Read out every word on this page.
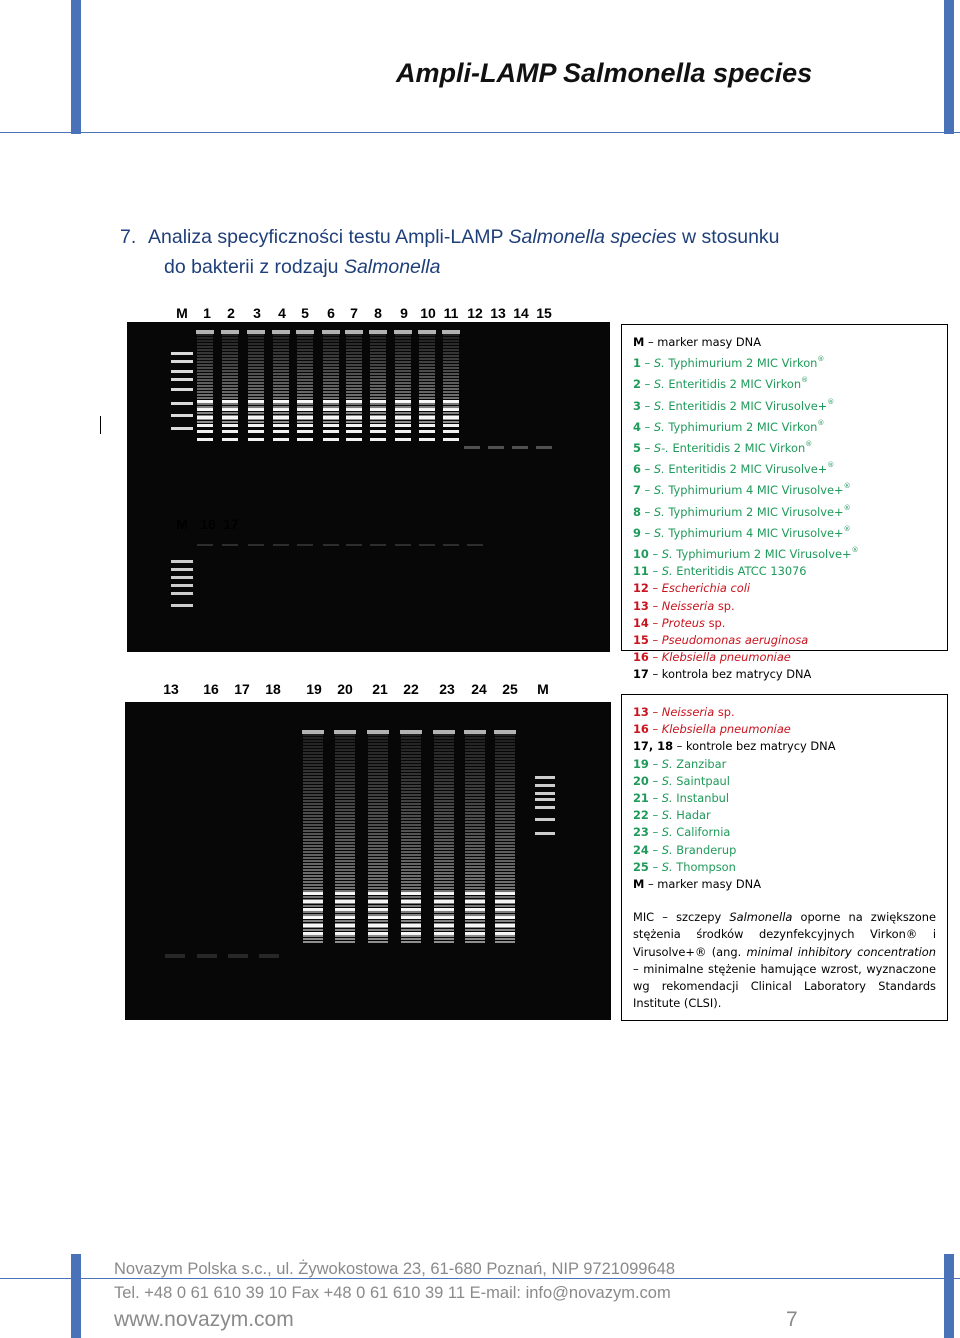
Ampli-LAMP Salmonella species
7. Analiza specyficzności testu Ampli-LAMP Salmonella species w stosunku
do bakterii z rodzaju Salmonella
M 1 2 3 4 5 6 7 8 9 10 11 12 13 14 15
M 16 17
M – marker masy DNA
1 – S. Typhimurium 2 MIC Virkon®
2 – S. Enteritidis 2 MIC Virkon®
3 – S. Enteritidis 2 MIC Virusolve+®
4 – S. Typhimurium 2 MIC Virkon®
5 – S-. Enteritidis 2 MIC Virkon®
6 – S. Enteritidis 2 MIC Virusolve+®
7 – S. Typhimurium 4 MIC Virusolve+®
8 – S. Typhimurium 2 MIC Virusolve+®
9 – S. Typhimurium 4 MIC Virusolve+®
10 – S. Typhimurium 2 MIC Virusolve+®
11 – S. Enteritidis ATCC 13076
12 – Escherichia coli
13 – Neisseria sp.
14 – Proteus sp.
15 – Pseudomonas aeruginosa
16 – Klebsiella pneumoniae
17 – kontrola bez matrycy DNA
13 16 17 18 19 20 21 22 23 24 25 M
13 – Neisseria sp.
16 – Klebsiella pneumoniae
17, 18 – kontrole bez matrycy DNA
19 – S. Zanzibar
20 – S. Saintpaul
21 – S. Instanbul
22 – S. Hadar
23 – S. California
24 – S. Branderup
25 – S. Thompson
M – marker masy DNA
MIC – szczepy Salmonella oporne na zwiększone stężenia środków dezynfekcyjnych Virkon® i Virusolve+® (ang. minimal inhibitory concentration – minimalne stężenie hamujące wzrost, wyznaczone wg rekomendacji Clinical Laboratory Standards Institute (CLSI).
Novazym Polska s.c., ul. Żywokostowa 23, 61-680 Poznań, NIP 9721099648
Tel. +48 0 61 610 39 10 Fax +48 0 61 610 39 11 E-mail: info@novazym.com
www.novazym.com	7
